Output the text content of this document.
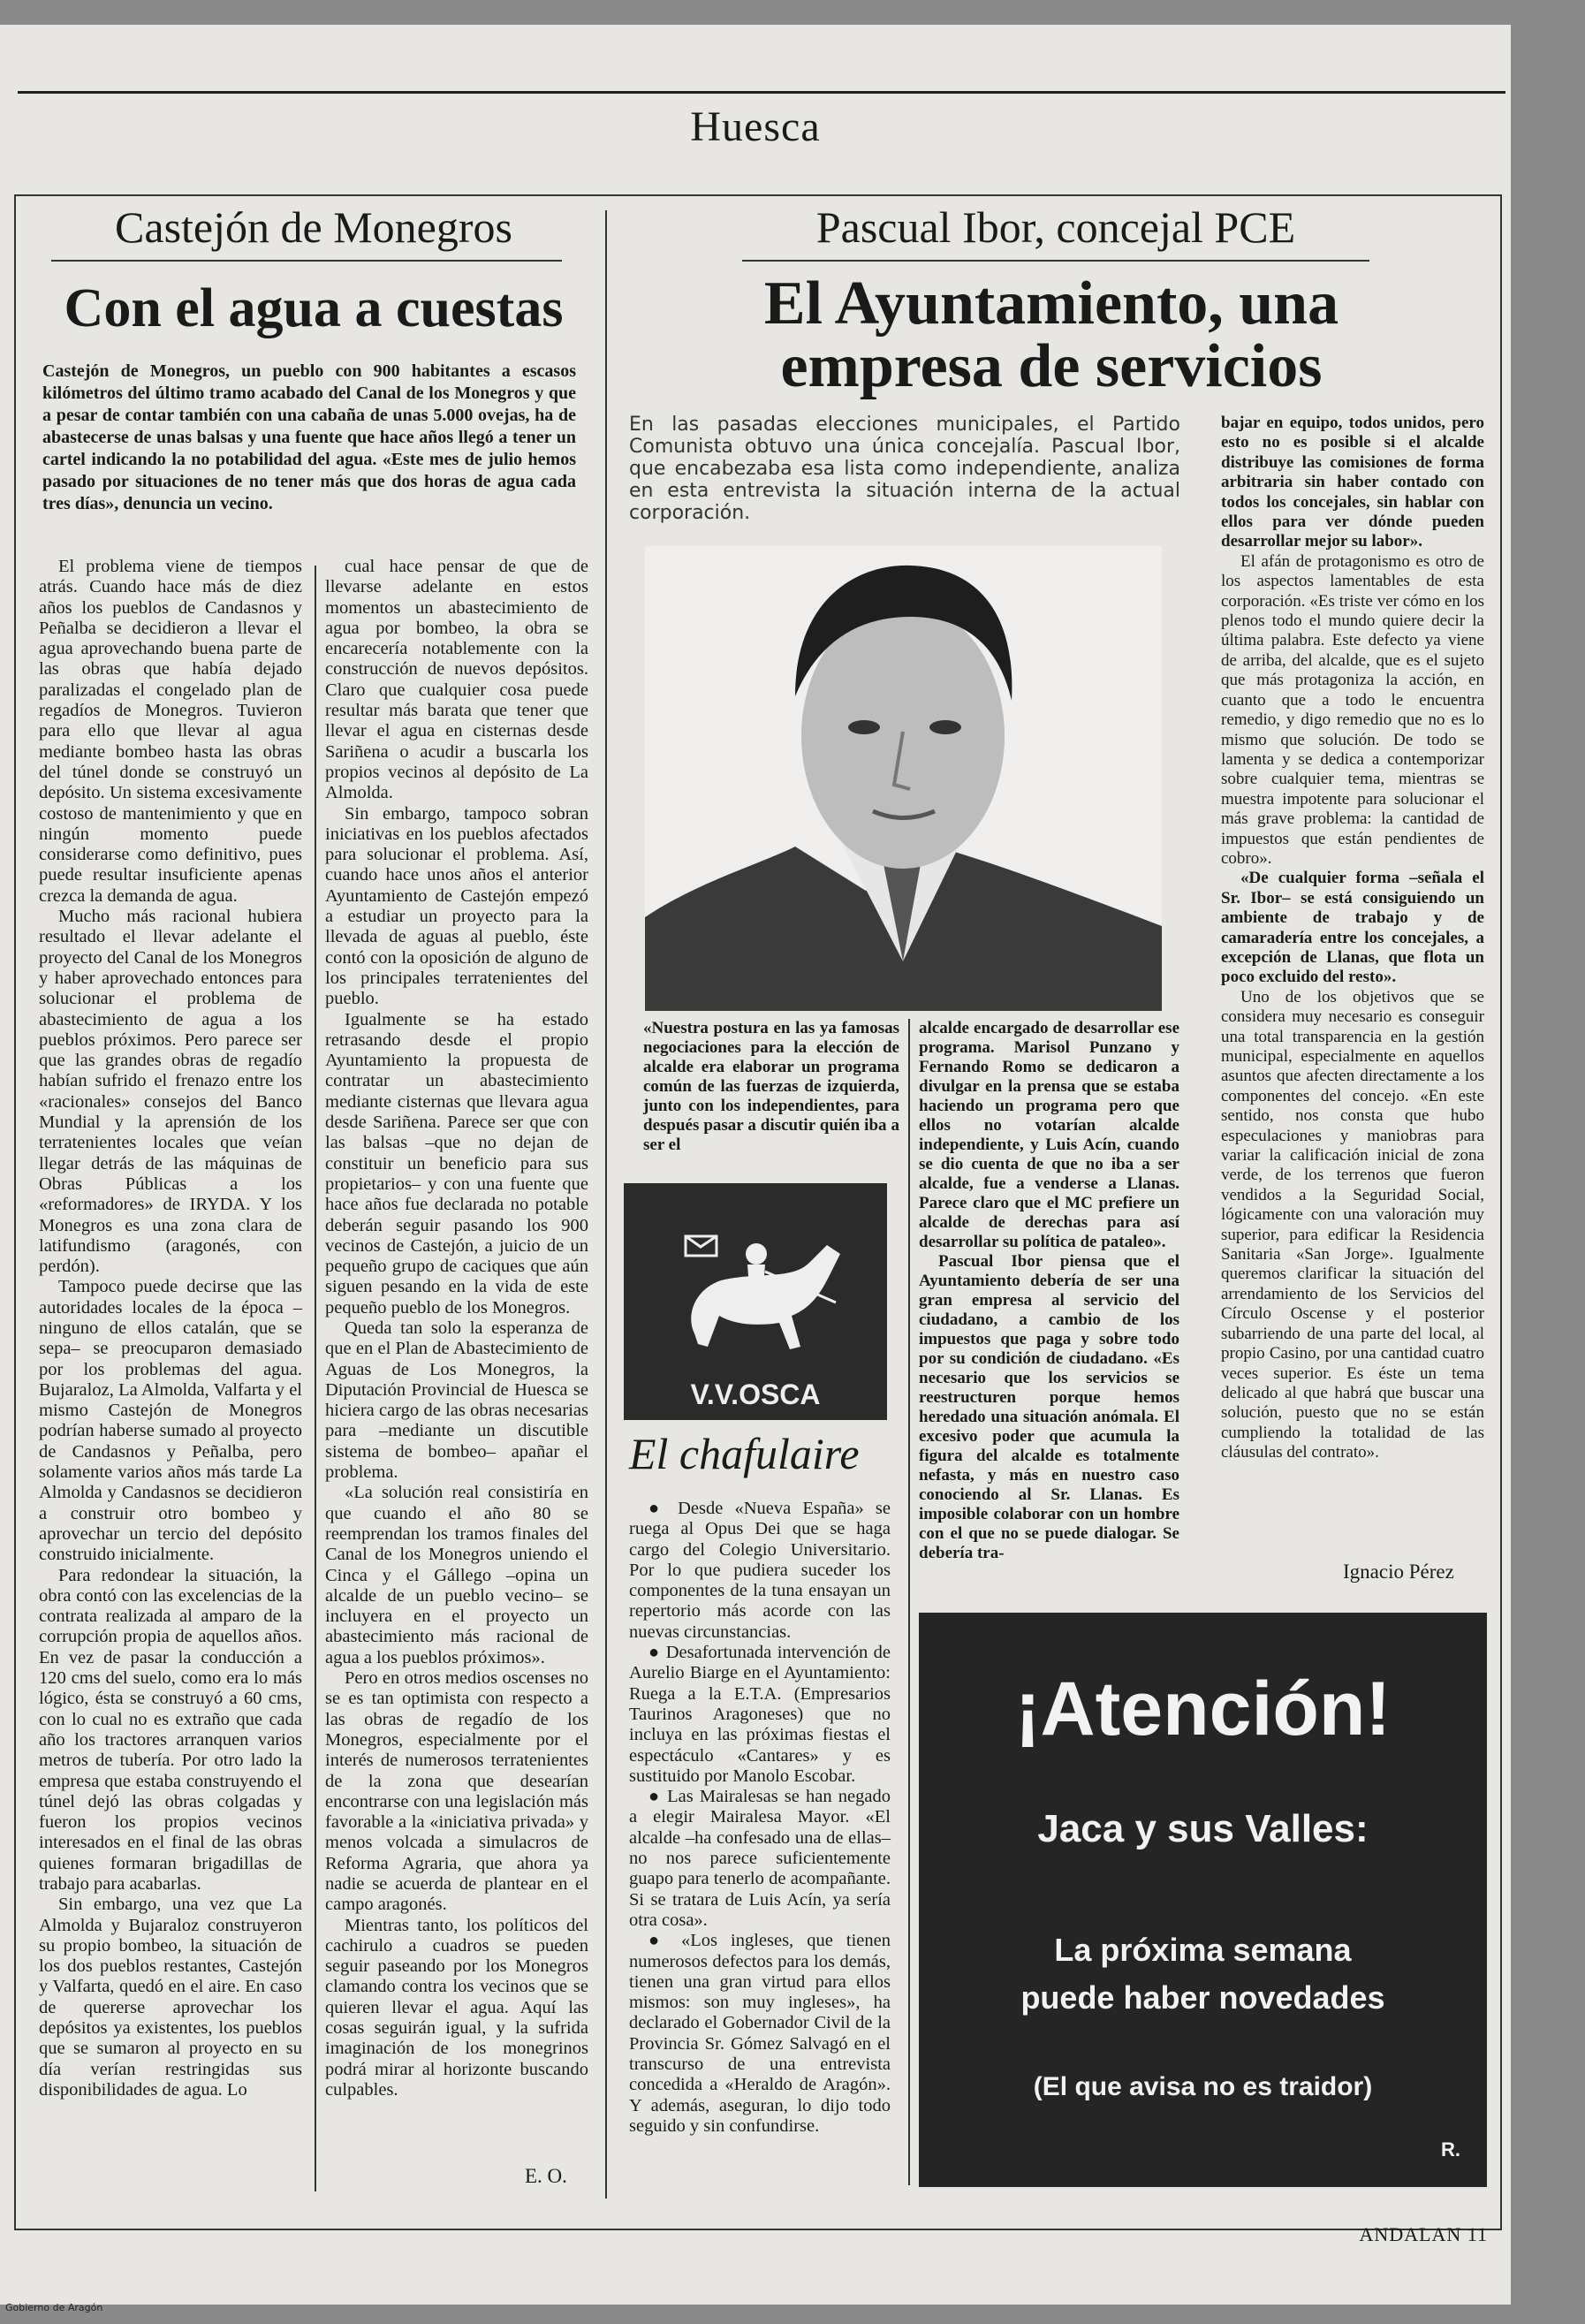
Huesca
Castejón de Monegros
Con el agua a cuestas
Castejón de Monegros, un pueblo con 900 habitantes a escasos kilómetros del último tramo acabado del Canal de los Monegros y que a pesar de contar también con una cabaña de unas 5.000 ovejas, ha de abastecerse de unas balsas y una fuente que hace años llegó a tener un cartel indicando la no potabilidad del agua. «Este mes de julio hemos pasado por situaciones de no tener más que dos horas de agua cada tres días», denuncia un vecino.

El problema viene de tiempos atrás. Cuando hace más de diez años los pueblos de Candasnos y Peñalba se decidieron a llevar el agua aprovechando buena parte de las obras que había dejado paralizadas el congelado plan de regadíos de Monegros. Tuvieron para ello que llevar al agua mediante bombeo hasta las obras del túnel donde se construyó un depósito. Un sistema excesivamente costoso de mantenimiento y que en ningún momento puede considerarse como definitivo, pues puede resultar insuficiente apenas crezca la demanda de agua.

Mucho más racional hubiera resultado el llevar adelante el proyecto del Canal de los Monegros y haber aprovechado entonces para solucionar el problema de abastecimiento de agua a los pueblos próximos. Pero parece ser que las grandes obras de regadío habían sufrido el frenazo entre los «racionales» consejos del Banco Mundial y la aprensión de los terratenientes locales que veían llegar detrás de las máquinas de Obras Públicas a los «reformadores» de IRYDA. Y los Monegros es una zona clara de latifundismo (aragonés, con perdón).

Tampoco puede decirse que las autoridades locales de la época –ninguno de ellos catalán, que se sepa– se preocuparon demasiado por los problemas del agua. Bujaraloz, La Almolda, Valfarta y el mismo Castejón de Monegros podrían haberse sumado al proyecto de Candasnos y Peñalba, pero solamente varios años más tarde La Almolda y Candasnos se decidieron a construir otro bombeo y aprovechar un tercio del depósito construido inicialmente.

Para redondear la situación, la obra contó con las excelencias de la contrata realizada al amparo de la corrupción propia de aquellos años. En vez de pasar la conducción a 120 cms del suelo, como era lo más lógico, ésta se construyó a 60 cms, con lo cual no es extraño que cada año los tractores arranquen varios metros de tubería. Por otro lado la empresa que estaba construyendo el túnel dejó las obras colgadas y fueron los propios vecinos interesados en el final de las obras quienes formaran brigadillas de trabajo para acabarlas.

Sin embargo, una vez que La Almolda y Bujaraloz construyeron su propio bombeo, la situación de los dos pueblos restantes, Castejón y Valfarta, quedó en el aire. En caso de quererse aprovechar los depósitos ya existentes, los pueblos que se sumaron al proyecto en su día verían restringidas sus disponibilidades de agua. Lo

cual hace pensar de que de llevarse adelante en estos momentos un abastecimiento de agua por bombeo, la obra se encarecería notablemente con la construcción de nuevos depósitos. Claro que cualquier cosa puede resultar más barata que tener que llevar el agua en cisternas desde Sariñena o acudir a buscarla los propios vecinos al depósito de La Almolda.

Sin embargo, tampoco sobran iniciativas en los pueblos afectados para solucionar el problema. Así, cuando hace unos años el anterior Ayuntamiento de Castejón empezó a estudiar un proyecto para la llevada de aguas al pueblo, éste contó con la oposición de alguno de los principales terratenientes del pueblo.

Igualmente se ha estado retrasando desde el propio Ayuntamiento la propuesta de contratar un abastecimiento mediante cisternas que llevara agua desde Sariñena. Parece ser que con las balsas –que no dejan de constituir un beneficio para sus propietarios– y con una fuente que hace años fue declarada no potable deberán seguir pasando los 900 vecinos de Castejón, a juicio de un pequeño grupo de caciques que aún siguen pesando en la vida de este pequeño pueblo de los Monegros.

Queda tan solo la esperanza de que en el Plan de Abastecimiento de Aguas de Los Monegros, la Diputación Provincial de Huesca se hiciera cargo de las obras necesarias para –mediante un discutible sistema de bombeo– apañar el problema.

«La solución real consistiría en que cuando el año 80 se reemprendan los tramos finales del Canal de los Monegros uniendo el Cinca y el Gállego –opina un alcalde de un pueblo vecino– se incluyera en el proyecto un abastecimiento más racional de agua a los pueblos próximos».

Pero en otros medios oscenses no se es tan optimista con respecto a las obras de regadío de los Monegros, especialmente por el interés de numerosos terratenientes de la zona que desearían encontrarse con una legislación más favorable a la «iniciativa privada» y menos volcada a simulacros de Reforma Agraria, que ahora ya nadie se acuerda de plantear en el campo aragonés.

Mientras tanto, los políticos del cachirulo a cuadros se pueden seguir paseando por los Monegros clamando contra los vecinos que se quieren llevar el agua. Aquí las cosas seguirán igual, y la sufrida imaginación de los monegrinos podrá mirar al horizonte buscando culpables.

E. O.
Pascual Ibor, concejal PCE
El Ayuntamiento, una empresa de servicios
En las pasadas elecciones municipales, el Partido Comunista obtuvo una única concejalía. Pascual Ibor, que encabezaba esa lista como independiente, analiza en esta entrevista la situación interna de la actual corporación.
«Nuestra postura en las ya famosas negociaciones para la elección de alcalde era elaborar un programa común de las fuerzas de izquierda, junto con los independientes, para después pasar a discutir quién iba a ser el

alcalde encargado de desarrollar ese programa. Marisol Punzano y Fernando Romo se dedicaron a divulgar en la prensa que se estaba haciendo un programa pero que ellos no votarían alcalde independiente, y Luis Acín, cuando se dio cuenta de que no iba a ser alcalde, fue a venderse a Llanas. Parece claro que el MC prefiere un alcalde de derechas para así desarrollar su política de pataleo».

Pascual Ibor piensa que el Ayuntamiento debería de ser una gran empresa al servicio del ciudadano, a cambio de los impuestos que paga y sobre todo por su condición de ciudadano. «Es necesario que los servicios se reestructuren porque hemos heredado una situación anómala. El excesivo poder que acumula la figura del alcalde es totalmente nefasta, y más en nuestro caso conociendo al Sr. Llanas. Es imposible colaborar con un hombre con el que no se puede dialogar. Se debería tra-

bajar en equipo, todos unidos, pero esto no es posible si el alcalde distribuye las comisiones de forma arbitraria sin haber contado con todos los concejales, sin hablar con ellos para ver dónde pueden desarrollar mejor su labor».

El afán de protagonismo es otro de los aspectos lamentables de esta corporación. «Es triste ver cómo en los plenos todo el mundo quiere decir la última palabra. Este defecto ya viene de arriba, del alcalde, que es el sujeto que más protagoniza la acción, en cuanto que a todo le encuentra remedio, y digo remedio que no es lo mismo que solución. De todo se lamenta y se dedica a contemporizar sobre cualquier tema, mientras se muestra impotente para solucionar el más grave problema: la cantidad de impuestos que están pendientes de cobro».

«De cualquier forma –señala el Sr. Ibor– se está consiguiendo un ambiente de trabajo y de camaradería entre los concejales, a excepción de Llanas, que flota un poco excluido del resto».

Uno de los objetivos que se considera muy necesario es conseguir una total transparencia en la gestión municipal, especialmente en aquellos asuntos que afecten directamente a los componentes del concejo. «En este sentido, nos consta que hubo especulaciones y maniobras para variar la calificación inicial de zona verde, de los terrenos que fueron vendidos a la Seguridad Social, lógicamente con una valoración muy superior, para edificar la Residencia Sanitaria «San Jorge». Igualmente queremos clarificar la situación del arrendamiento de los Servicios del Círculo Oscense y el posterior subarriendo de una parte del local, al propio Casino, por una cantidad cuatro veces superior. Es éste un tema delicado al que habrá que buscar una solución, puesto que no se están cumpliendo la totalidad de las cláusulas del contrato».

Ignacio Pérez
V.V.OSCA
El chafulaire

● Desde «Nueva España» se ruega al Opus Dei que se haga cargo del Colegio Universitario. Por lo que pudiera suceder los componentes de la tuna ensayan un repertorio más acorde con las nuevas circunstancias.

● Desafortunada intervención de Aurelio Biarge en el Ayuntamiento: Ruega a la E.T.A. (Empresarios Taurinos Aragoneses) que no incluya en las próximas fiestas el espectáculo «Cantares» y es sustituido por Manolo Escobar.

● Las Mairalesas se han negado a elegir Mairalesa Mayor. «El alcalde –ha confesado una de ellas– no nos parece suficientemente guapo para tenerlo de acompañante. Si se tratara de Luis Acín, ya sería otra cosa».

● «Los ingleses, que tienen numerosos defectos para los demás, tienen una gran virtud para ellos mismos: son muy ingleses», ha declarado el Gobernador Civil de la Provincia Sr. Gómez Salvagó en el transcurso de una entrevista concedida a «Heraldo de Aragón». Y además, aseguran, lo dijo todo seguido y sin confundirse.

¡Atención!
Jaca y sus Valles:
La próxima semana
puede haber novedades
(El que avisa no es traidor)
R.
ANDALAN 11
Gobierno de Aragón
